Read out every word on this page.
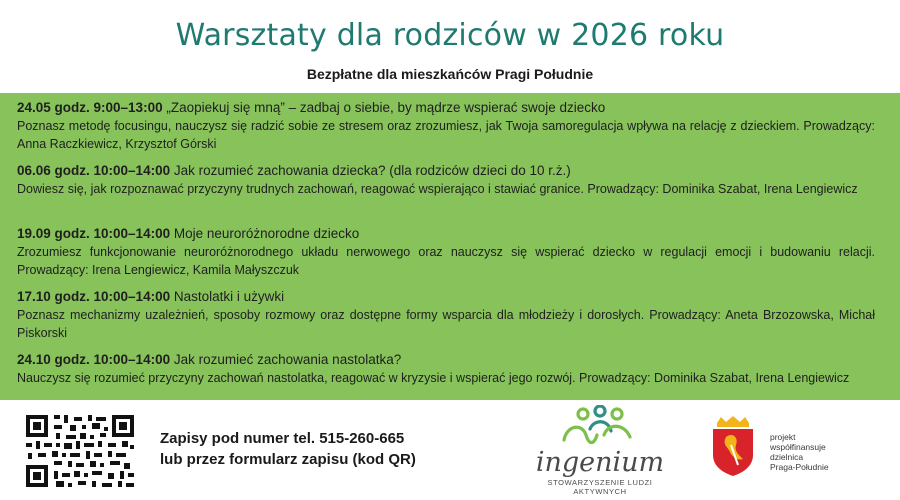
Warsztaty dla rodziców w 2026 roku
Bezpłatne dla mieszkańców Pragi Południe
24.05 godz. 9:00–13:00 „Zaopiekuj się mną” – zadbaj o siebie, by mądrze wspierać swoje dziecko
Poznasz metodę focusingu, nauczysz się radzić sobie ze stresem oraz zrozumiesz, jak Twoja samoregulacja wpływa na relację z dzieckiem. Prowadzący: Anna Raczkiewicz, Krzysztof Górski
06.06 godz. 10:00–14:00 Jak rozumieć zachowania dziecka? (dla rodziców dzieci do 10 r.ż.)
Dowiesz się, jak rozpoznawać przyczyny trudnych zachowań, reagować wspierająco i stawiać granice. Prowadzący: Dominika Szabat, Irena Lengiewicz
19.09 godz. 10:00–14:00 Moje neuroróżnorodne dziecko
Zrozumiesz funkcjonowanie neuroróżnorodnego układu nerwowego oraz nauczysz się wspierać dziecko w regulacji emocji i budowaniu relacji. Prowadzący: Irena Lengiewicz, Kamila Małyszczuk
17.10 godz. 10:00–14:00 Nastolatki i używki
Poznasz mechanizmy uzależnień, sposoby rozmowy oraz dostępne formy wsparcia dla młodzieży i dorosłych. Prowadzący: Aneta Brzozowska, Michał Piskorski
24.10 godz. 10:00–14:00 Jak rozumieć zachowania nastolatka?
Nauczysz się rozumieć przyczyny zachowań nastolatka, reagować w kryzysie i wspierać jego rozwój. Prowadzący: Dominika Szabat, Irena Lengiewicz
Zapisy pod numer tel. 515-260-665
lub przez formularz zapisu (kod QR)	ingenium
STOWARZYSZENIE LUDZI
AKTYWNYCH
projekt
współfinansuje
dzielnica
Praga-Południe
